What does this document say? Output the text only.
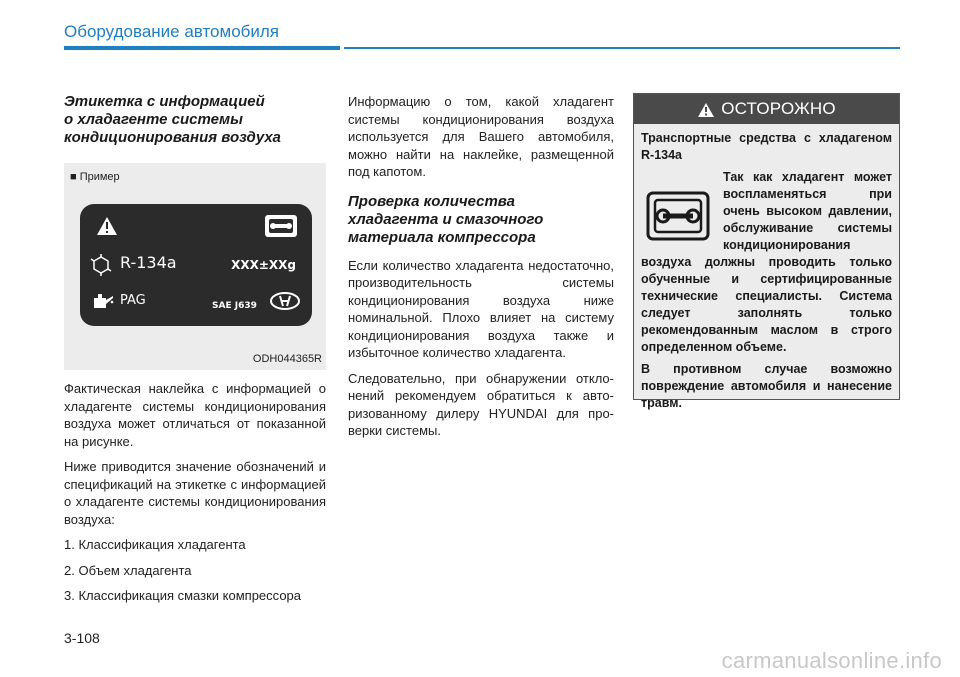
Оборудование автомобиля
Этикетка с информацией
о хладагенте системы
кондиционирования воздуха
■ Пример
R-134a	XXX±XXg
PAG	SAE J639
ODH044365R

Фактическая наклейка с информацией о хладагенте системы кондиционирования воздуха может отличаться от показанной на рисунке.

Ниже приводится значение обозначений и спецификаций на этикетке с информацией о хладагенте системы кондиционирования воздуха:

1. Классификация хладагента
2. Объем хладагента
3. Классификация смазки компрессора

Информацию о том, какой хладагент системы кондиционирования воздуха используется для Вашего автомобиля, можно найти на наклейке, размещенной под капотом.

Проверка количества
хладагента и смазочного
материала компрессора

Если количество хладагента недостаточно, производительность системы кондиционирования воздуха ниже номинальной. Плохо влияет на систему кондиционирования воздуха также и избыточное количество хладагента.

Следовательно, при обнаружении откло-нений рекомендуем обратиться к авто-ризованному дилеру HYUNDAI для про-верки системы.

ОСТОРОЖНО

Транспортные средства с хладагеном R-134a

Так как хладагент может воспламеняться при очень высоком давлении, обслуживание системы кондиционирования воздуха должны проводить только обученные и сертифицированные технические специалисты. Система следует заполнять только рекомендованным маслом в строго определенном объеме.

В противном случае возможно повреждение автомобиля и нанесение травм.

3-108
carmanualsonline.info
